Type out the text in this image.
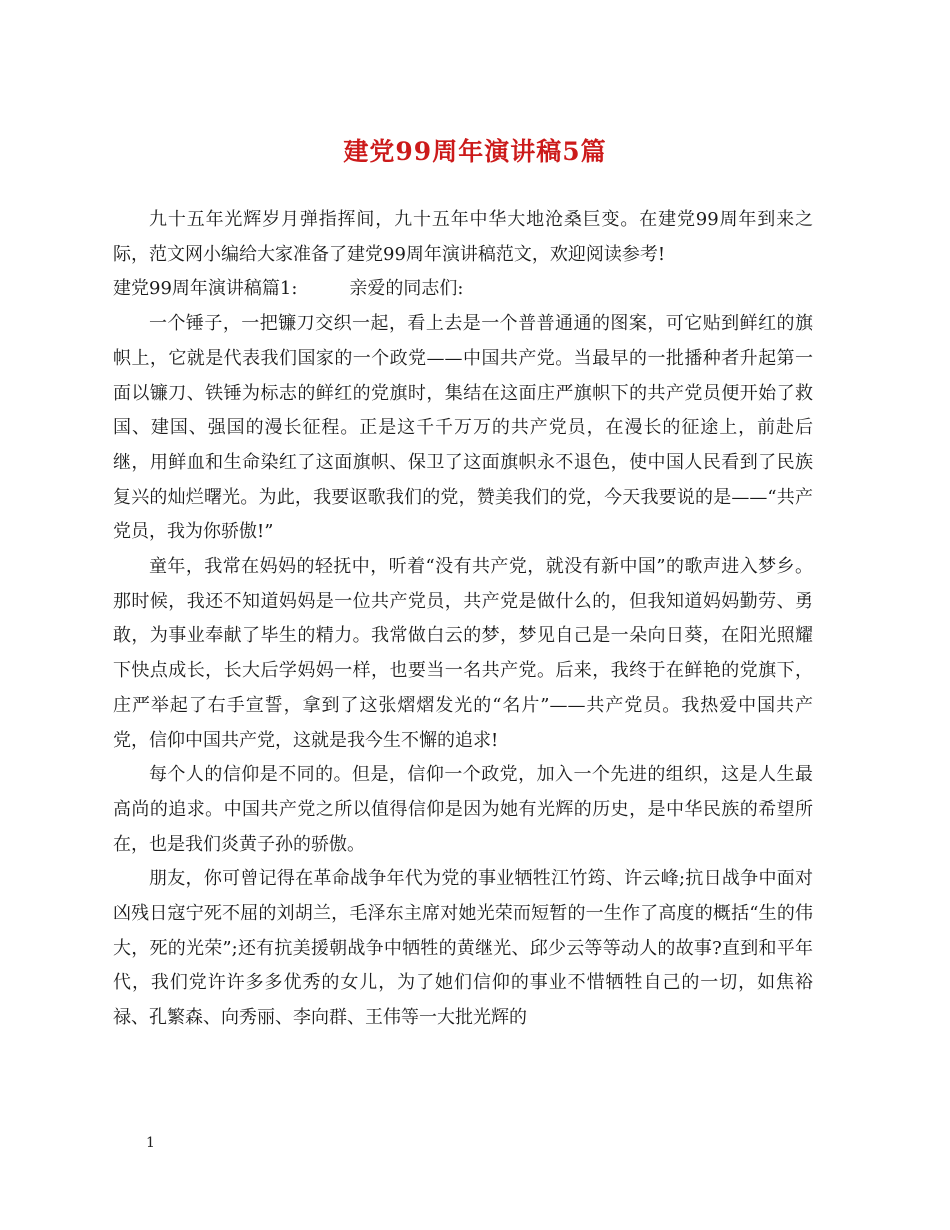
建党99周年演讲稿5篇

九十五年光辉岁月弹指挥间，九十五年中华大地沧桑巨变。在建党99周年到来之际，范文网小编给大家准备了建党99周年演讲稿范文，欢迎阅读参考!

建党99周年演讲稿篇1:	亲爱的同志们:

一个锤子，一把镰刀交织一起，看上去是一个普普通通的图案，可它贴到鲜红的旗帜上，它就是代表我们国家的一个政党——中国共产党。当最早的一批播种者升起第一面以镰刀、铁锤为标志的鲜红的党旗时，集结在这面庄严旗帜下的共产党员便开始了救国、建国、强国的漫长征程。正是这千千万万的共产党员，在漫长的征途上，前赴后继，用鲜血和生命染红了这面旗帜、保卫了这面旗帜永不退色，使中国人民看到了民族复兴的灿烂曙光。为此，我要讴歌我们的党，赞美我们的党，今天我要说的是——“共产党员，我为你骄傲!”

童年，我常在妈妈的轻抚中，听着“没有共产党，就没有新中国”的歌声进入梦乡。那时候，我还不知道妈妈是一位共产党员，共产党是做什么的，但我知道妈妈勤劳、勇敢，为事业奉献了毕生的精力。我常做白云的梦，梦见自己是一朵向日葵，在阳光照耀下快点成长，长大后学妈妈一样，也要当一名共产党。后来，我终于在鲜艳的党旗下，庄严举起了右手宣誓，拿到了这张熠熠发光的“名片”——共产党员。我热爱中国共产党，信仰中国共产党，这就是我今生不懈的追求!

每个人的信仰是不同的。但是，信仰一个政党，加入一个先进的组织，这是人生最高尚的追求。中国共产党之所以值得信仰是因为她有光辉的历史，是中华民族的希望所在，也是我们炎黄子孙的骄傲。

朋友，你可曾记得在革命战争年代为党的事业牺牲江竹筠、许云峰;抗日战争中面对凶残日寇宁死不屈的刘胡兰，毛泽东主席对她光荣而短暂的一生作了高度的概括“生的伟大，死的光荣”;还有抗美援朝战争中牺牲的黄继光、邱少云等等动人的故事?直到和平年代，我们党许许多多优秀的女儿，为了她们信仰的事业不惜牺牲自己的一切，如焦裕禄、孔繁森、向秀丽、李向群、王伟等一大批光辉的

1
